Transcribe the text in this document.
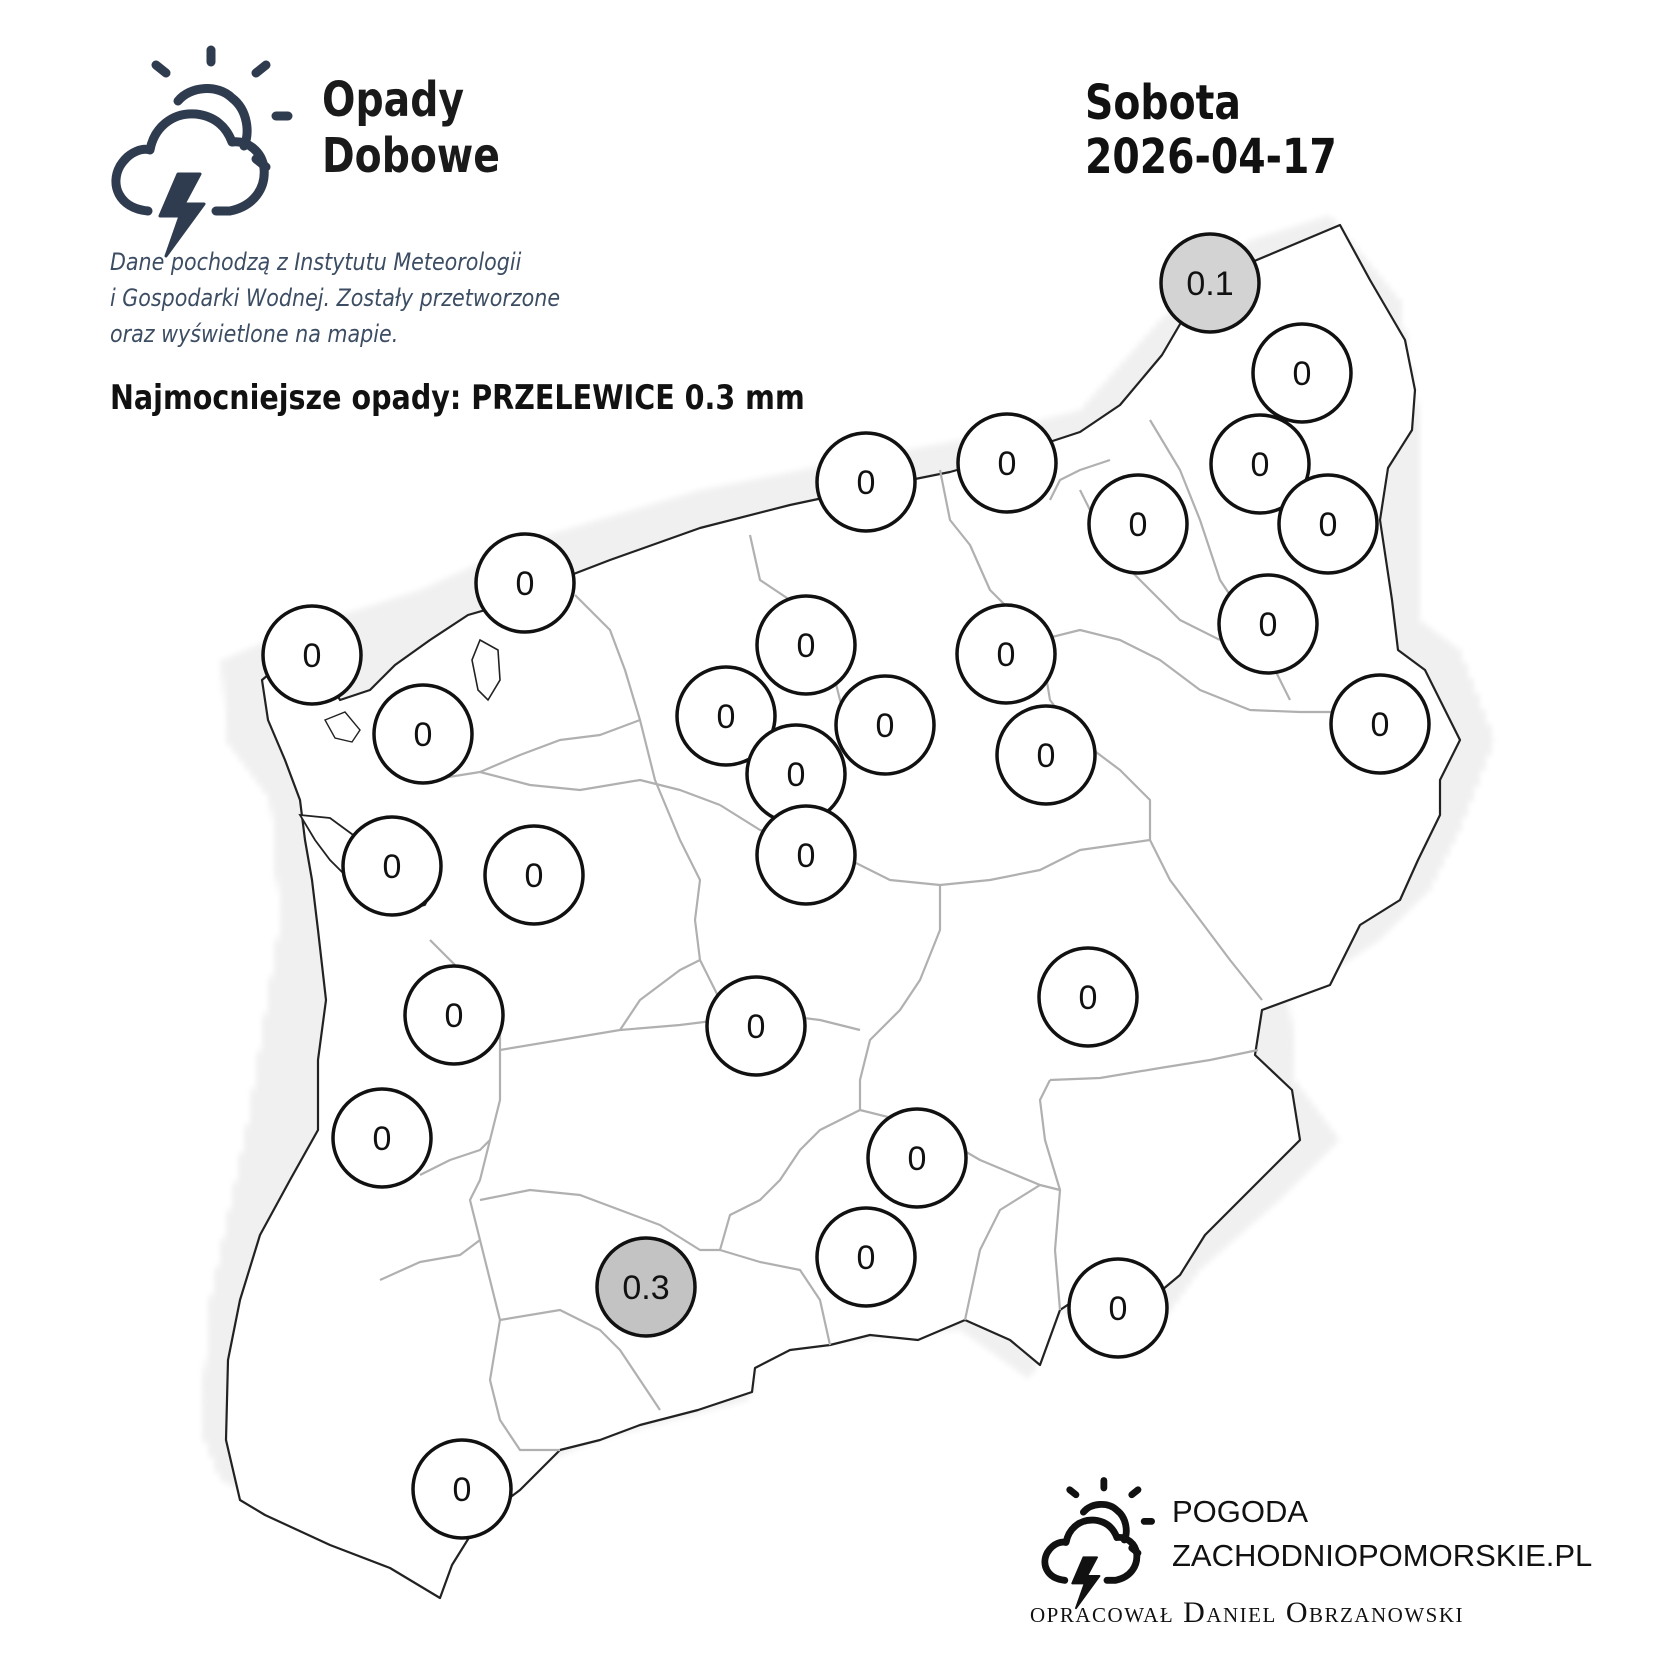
0.1
0
0
0	0
0
0
0
0
0
0	0
0	0	0
0
0
0
0	0
0
0	0
0
0
0
0
0.3
0
0
Opady
Dobowe
Sobota
2026-04-17
Dane pochodzą z Instytutu Meteorologii
i Gospodarki Wodnej. Zostały przetworzone
oraz wyświetlone na mapie.
Najmocniejsze opady: PRZELEWICE 0.3 mm
POGODA
ZACHODNIOPOMORSKIE.PL
opracował Daniel Obrzanowski
